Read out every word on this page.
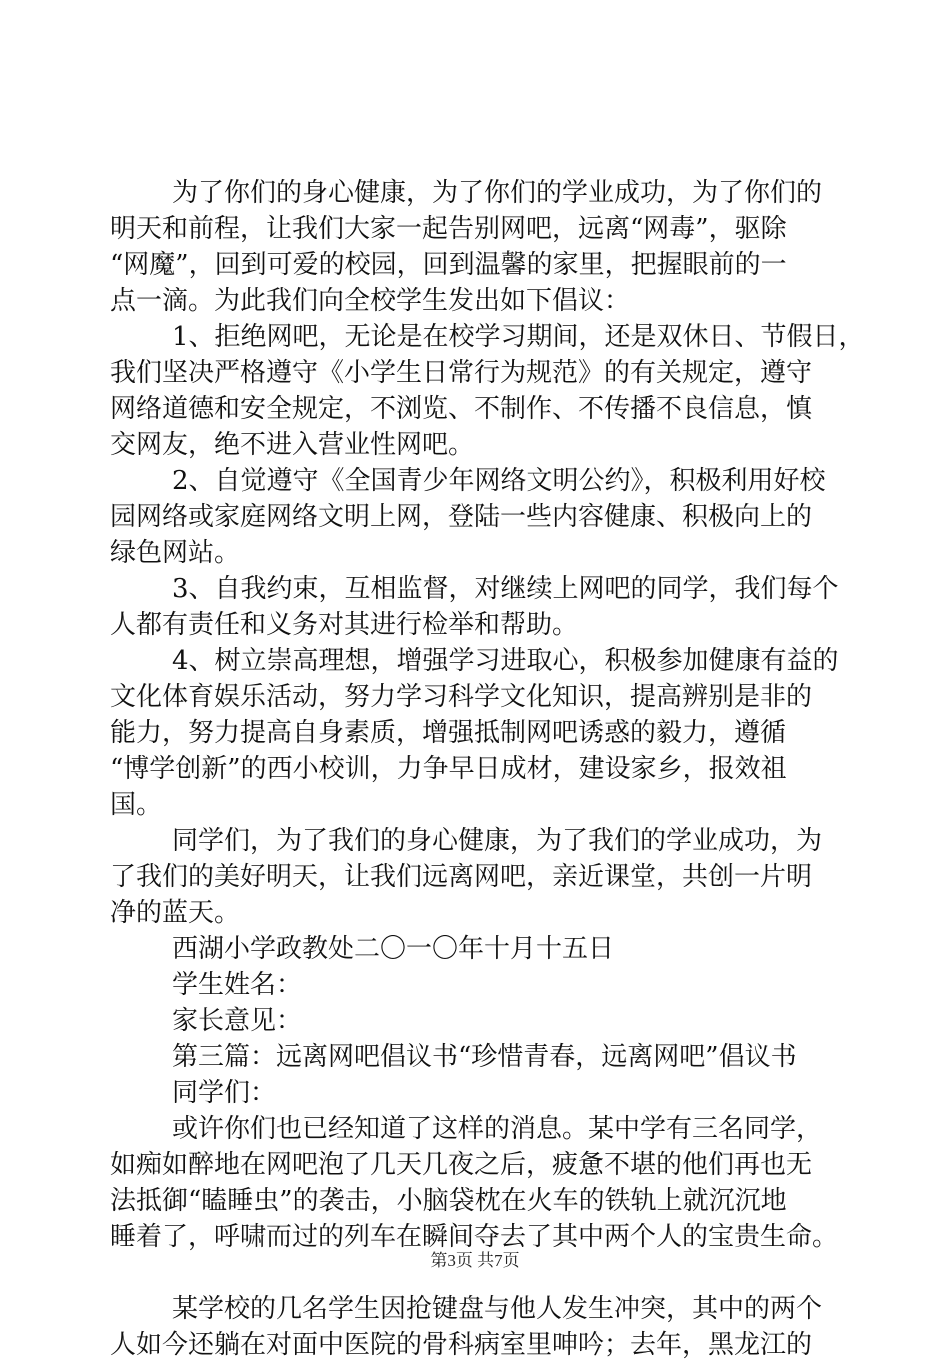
为了你们的身心健康，为了你们的学业成功，为了你们的
明天和前程，让我们大家一起告别网吧，远离“网毒”，驱除
“网魔”，回到可爱的校园，回到温馨的家里，把握眼前的一
点一滴。为此我们向全校学生发出如下倡议：
1、拒绝网吧，无论是在校学习期间，还是双休日、节假日，
我们坚决严格遵守《小学生日常行为规范》的有关规定，遵守
网络道德和安全规定，不浏览、不制作、不传播不良信息，慎
交网友，绝不进入营业性网吧。
2、自觉遵守《全国青少年网络文明公约》，积极利用好校
园网络或家庭网络文明上网，登陆一些内容健康、积极向上的
绿色网站。
3、自我约束，互相监督，对继续上网吧的同学，我们每个
人都有责任和义务对其进行检举和帮助。
4、树立崇高理想，增强学习进取心，积极参加健康有益的
文化体育娱乐活动，努力学习科学文化知识，提高辨别是非的
能力，努力提高自身素质，增强抵制网吧诱惑的毅力，遵循
“博学创新”的西小校训，力争早日成材，建设家乡，报效祖
国。
同学们，为了我们的身心健康，为了我们的学业成功，为
了我们的美好明天，让我们远离网吧，亲近课堂，共创一片明
净的蓝天。
西湖小学政教处二〇一〇年十月十五日
学生姓名：
家长意见：
第三篇：远离网吧倡议书“珍惜青春，远离网吧”倡议书
同学们：
或许你们也已经知道了这样的消息。某中学有三名同学，
如痴如醉地在网吧泡了几天几夜之后，疲惫不堪的他们再也无
法抵御“瞌睡虫”的袭击，小脑袋枕在火车的铁轨上就沉沉地
睡着了，呼啸而过的列车在瞬间夺去了其中两个人的宝贵生命。
某学校的几名学生因抢键盘与他人发生冲突，其中的两个
人如今还躺在对面中医院的骨科病室里呻吟；去年，黑龙江的
第3页 共7页
